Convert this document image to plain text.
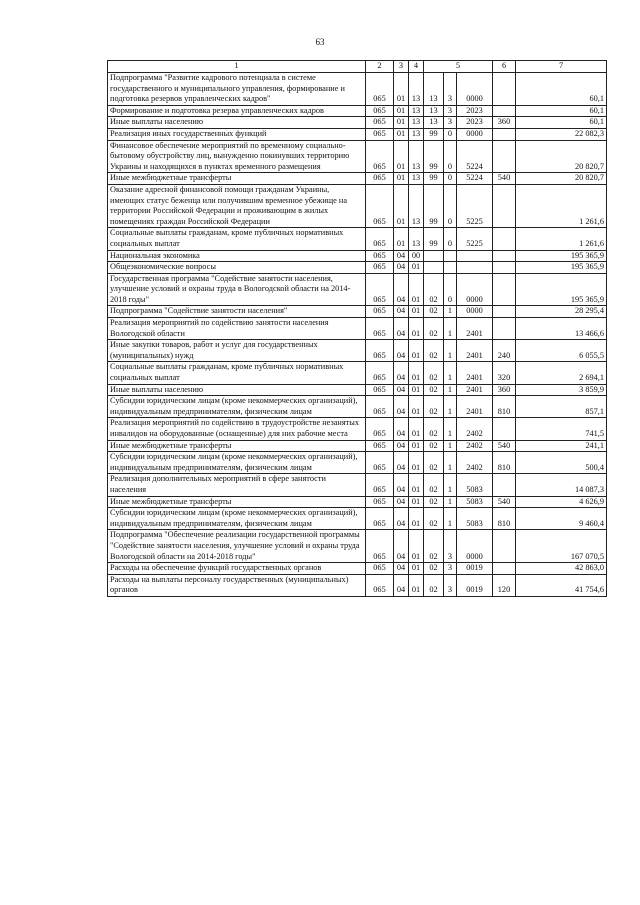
63
1	2	3	4	5			6	7
Подпрограмма "Развитие кадрового потенциала в системе государственного и муниципального управления, формирование и подготовка резервов управленческих кадров"	065	01	13	13	3	0000		60,1
Формирование и подготовка резерва управленческих кадров	065	01	13	13	3	2023		60,1
Иные выплаты населению	065	01	13	13	3	2023	360	60,1
Реализация иных государственных функций	065	01	13	99	0	0000		22 082,3
Финансовое обеспечение мероприятий по временному социально-бытовому обустройству лиц, вынужденно покинувших территорию Украины и находящихся в пунктах временного размещения	065	01	13	99	0	5224		20 820,7
Иные межбюджетные трансферты	065	01	13	99	0	5224	540	20 820,7
Оказание адресной финансовой помощи гражданам Украины, имеющих статус беженца или получившим временное убежище на территории Российской Федерации и проживающим в жилых помещениях граждан Российской Федерации	065	01	13	99	0	5225		1 261,6
Социальные выплаты гражданам, кроме публичных нормативных социальных выплат	065	01	13	99	0	5225		1 261,6
Национальная экономика	065	04	00					195 365,9
Общеэкономические вопросы	065	04	01					195 365,9
Государственная программа "Содействие занятости населения, улучшение условий и охраны труда в Вологодской области на 2014-2018 годы"	065	04	01	02	0	0000		195 365,9
Подпрограмма "Содействие занятости населения"	065	04	01	02	1	0000		28 295,4
Реализация мероприятий по содействию занятости населения Вологодской области	065	04	01	02	1	2401		13 466,6
Иные закупки товаров, работ и услуг для государственных (муниципальных) нужд	065	04	01	02	1	2401	240	6 055,5
Социальные выплаты гражданам, кроме публичных нормативных социальных выплат	065	04	01	02	1	2401	320	2 694,1
Иные выплаты населению	065	04	01	02	1	2401	360	3 859,9
Субсидии юридическим лицам (кроме некоммерческих организаций), индивидуальным предпринимателям, физическим лицам	065	04	01	02	1	2401	810	857,1
Реализация мероприятий по содействию в трудоустройстве незанятых инвалидов на оборудованные (оснащенные) для них рабочие места	065	04	01	02	1	2402		741,5
Иные межбюджетные трансферты	065	04	01	02	1	2402	540	241,1
Субсидии юридическим лицам (кроме некоммерческих организаций), индивидуальным предпринимателям, физическим лицам	065	04	01	02	1	2402	810	500,4
Реализация дополнительных мероприятий в сфере занятости населения	065	04	01	02	1	5083		14 087,3
Иные межбюджетные трансферты	065	04	01	02	1	5083	540	4 626,9
Субсидии юридическим лицам (кроме некоммерческих организаций), индивидуальным предпринимателям, физическим лицам	065	04	01	02	1	5083	810	9 460,4
Подпрограмма "Обеспечение реализации государственной программы "Содействие занятости населения, улучшение условий и охраны труда Вологодской области на 2014-2018 годы"	065	04	01	02	3	0000		167 070,5
Расходы на обеспечение функций государственных органов	065	04	01	02	3	0019		42 863,0
Расходы на выплаты персоналу государственных (муниципальных) органов	065	04	01	02	3	0019	120	41 754,6
